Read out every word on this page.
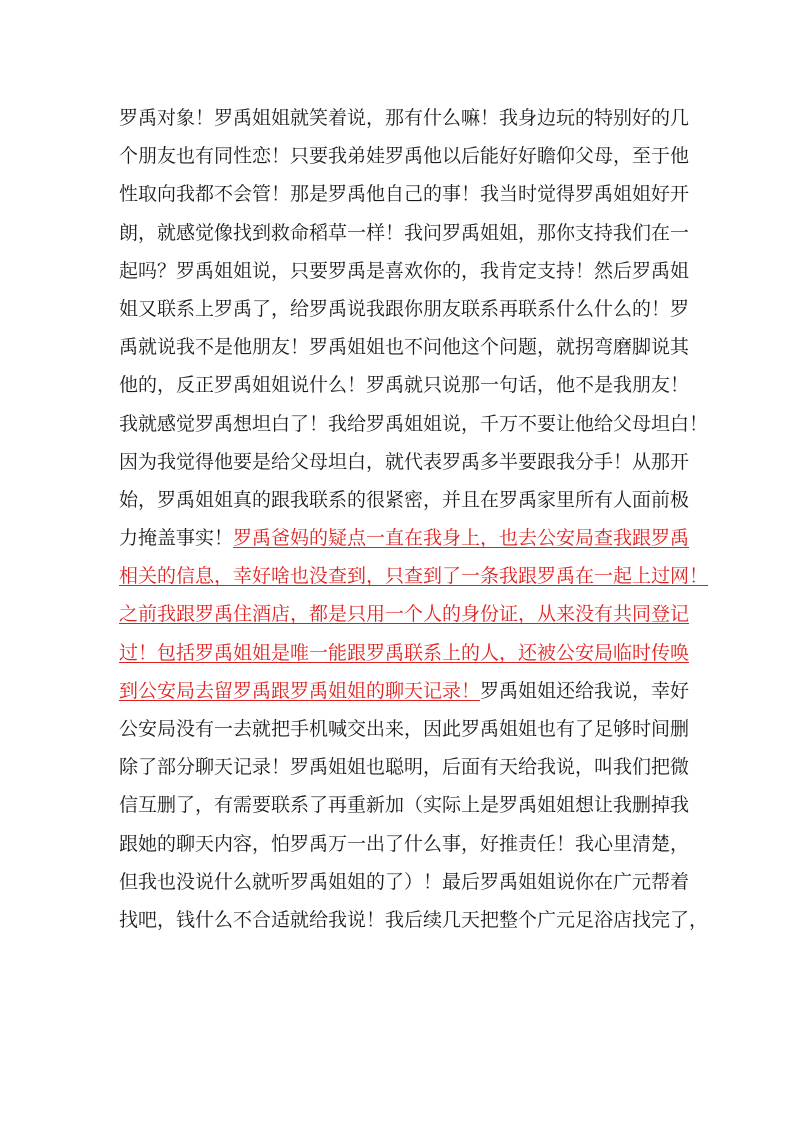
罗禹对象！罗禹姐姐就笑着说，那有什么嘛！我身边玩的特别好的几
个朋友也有同性恋！只要我弟娃罗禹他以后能好好瞻仰父母，至于他
性取向我都不会管！那是罗禹他自己的事！我当时觉得罗禹姐姐好开
朗，就感觉像找到救命稻草一样！我问罗禹姐姐，那你支持我们在一
起吗？罗禹姐姐说，只要罗禹是喜欢你的，我肯定支持！然后罗禹姐
姐又联系上罗禹了，给罗禹说我跟你朋友联系再联系什么什么的！罗
禹就说我不是他朋友！罗禹姐姐也不问他这个问题，就拐弯磨脚说其
他的，反正罗禹姐姐说什么！罗禹就只说那一句话，他不是我朋友！
我就感觉罗禹想坦白了！我给罗禹姐姐说，千万不要让他给父母坦白！
因为我觉得他要是给父母坦白，就代表罗禹多半要跟我分手！从那开
始，罗禹姐姐真的跟我联系的很紧密，并且在罗禹家里所有人面前极
力掩盖事实！罗禹爸妈的疑点一直在我身上，也去公安局查我跟罗禹
相关的信息，幸好啥也没查到，只查到了一条我跟罗禹在一起上过网！
之前我跟罗禹住酒店，都是只用一个人的身份证，从来没有共同登记
过！包括罗禹姐姐是唯一能跟罗禹联系上的人，还被公安局临时传唤
到公安局去留罗禹跟罗禹姐姐的聊天记录！罗禹姐姐还给我说，幸好
公安局没有一去就把手机喊交出来，因此罗禹姐姐也有了足够时间删
除了部分聊天记录！罗禹姐姐也聪明，后面有天给我说，叫我们把微
信互删了，有需要联系了再重新加（实际上是罗禹姐姐想让我删掉我
跟她的聊天内容，怕罗禹万一出了什么事，好推责任！我心里清楚，
但我也没说什么就听罗禹姐姐的了）！最后罗禹姐姐说你在广元帮着
找吧，钱什么不合适就给我说！我后续几天把整个广元足浴店找完了，
